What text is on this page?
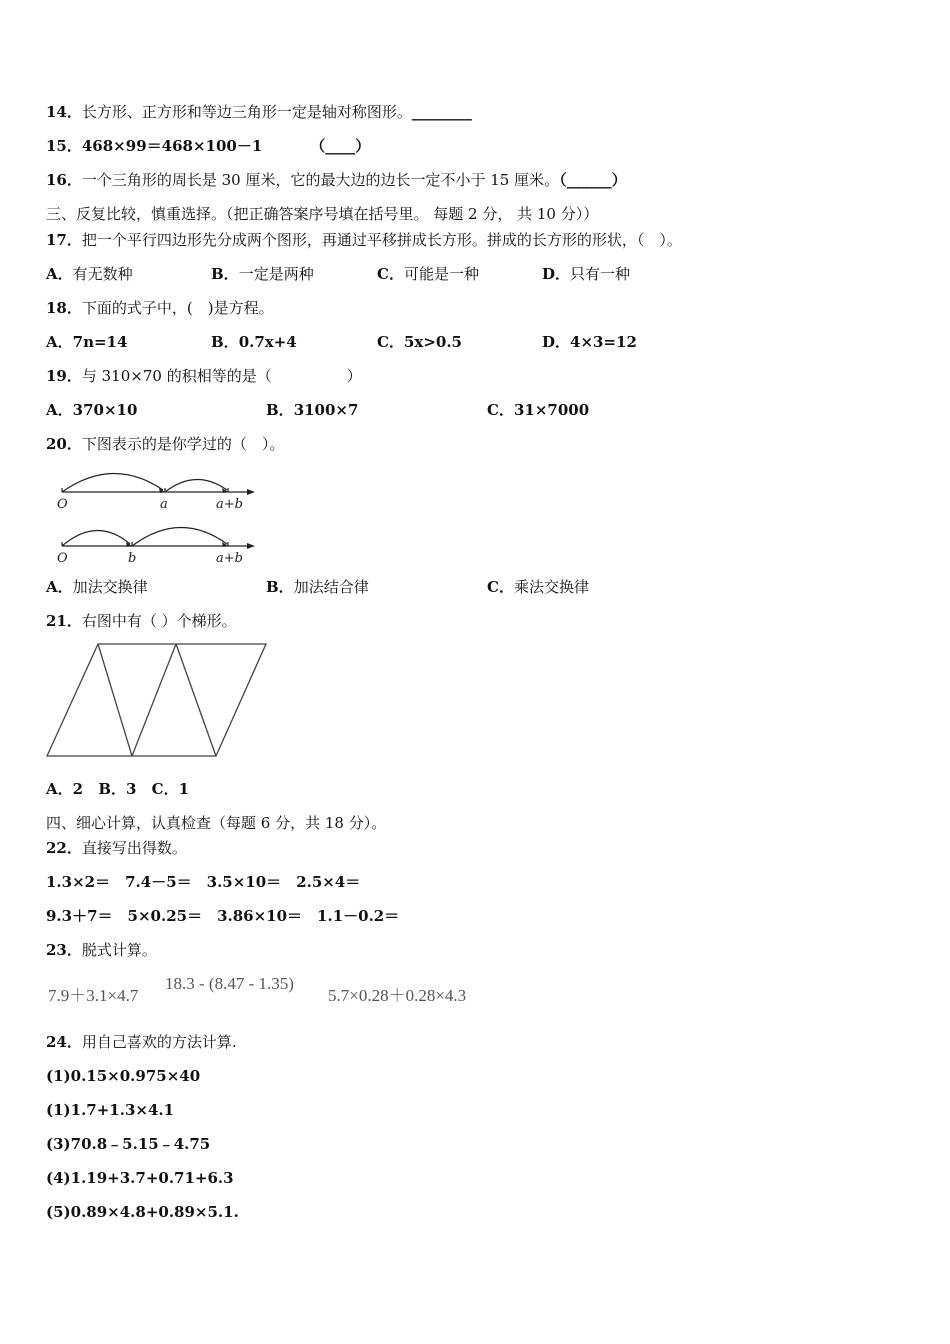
14．长方形、正方形和等边三角形一定是轴对称图形。________
15．468×99＝468×100－1	（____）
16．一个三角形的周长是 30 厘米，它的最大边的边长一定不小于 15 厘米。（______）
三、反复比较，慎重选择。（把正确答案序号填在括号里。 每题 2 分， 共 10 分））
17．把一个平行四边形先分成两个图形，再通过平移拼成长方形。拼成的长方形的形状，（　）。
A．有无数种	B．一定是两种	C．可能是一种	D．只有一种
18．下面的式子中，(　)是方程。
A．7n=14	B．0.7x+4	C．5x>0.5	D．4×3=12
19．与 310×70 的积相等的是（　　　　　）
A．370×10	B．3100×7	C．31×7000
20．下图表示的是你学过的（　）。
O	a	a+b
O	b	a+b
A．加法交换律	B．加法结合律	C．乘法交换律
21．右图中有（ ）个梯形。
A．2 B．3 C．1
四、细心计算，认真检查（每题 6 分，共 18 分）。
22．直接写出得数。
1.3×2＝　7.4－5＝　3.5×10＝　2.5×4＝
9.3＋7＝　5×0.25＝　3.86×10＝　1.1－0.2＝
23．脱式计算。
7.9＋3.1×4.7
18.3 - (8.47 - 1.35)
5.7×0.28＋0.28×4.3
24．用自己喜欢的方法计算.
(1)0.15×0.975×40
(1)1.7+1.3×4.1
(3)70.8﹣5.15﹣4.75
(4)1.19+3.7+0.71+6.3
(5)0.89×4.8+0.89×5.1.
